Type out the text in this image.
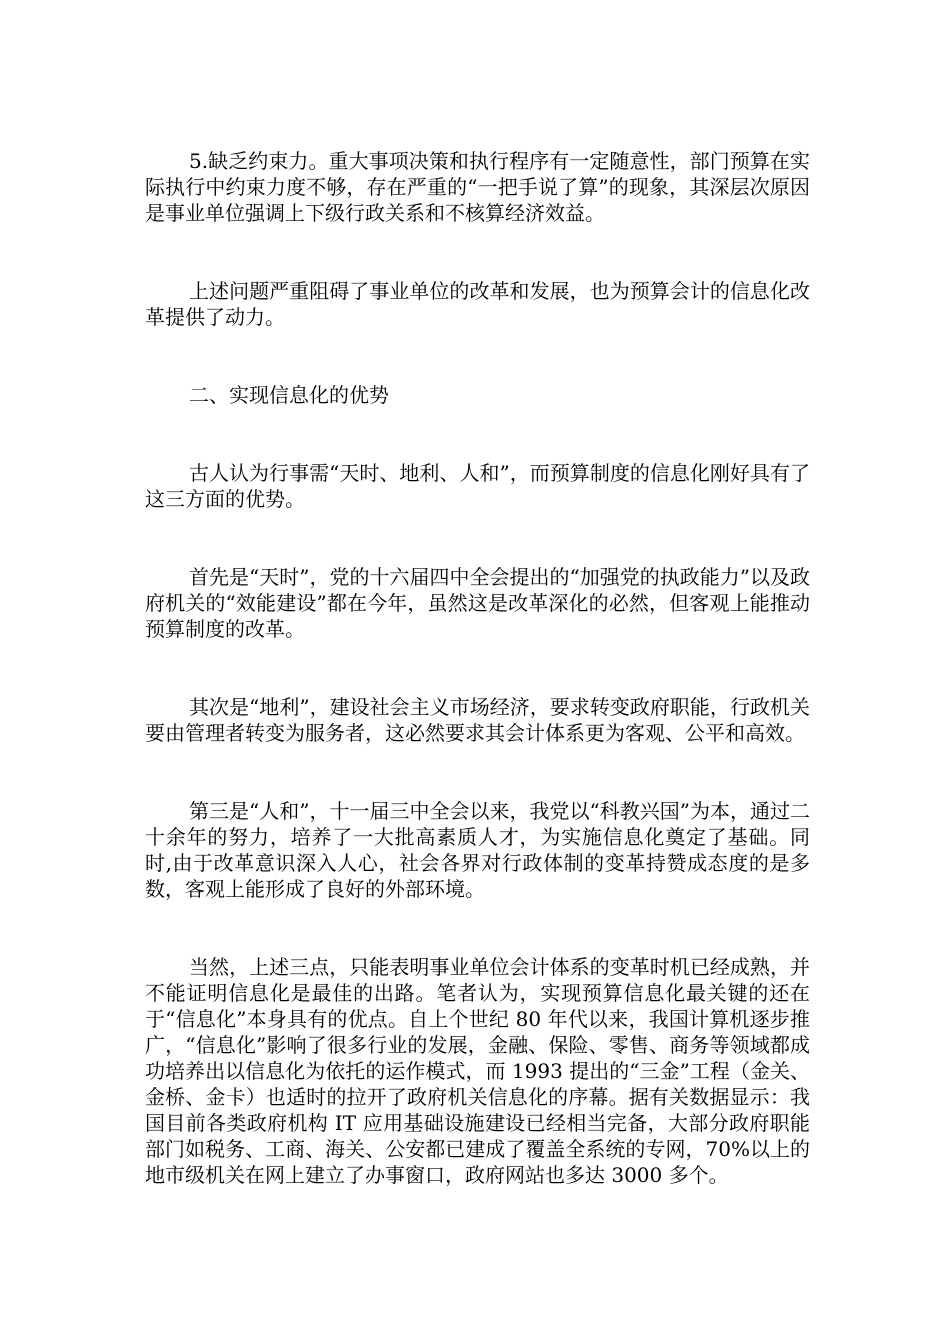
5.缺乏约束力。重大事项决策和执行程序有一定随意性，部门预算在实际执行中约束力度不够，存在严重的“一把手说了算”的现象，其深层次原因是事业单位强调上下级行政关系和不核算经济效益。

上述问题严重阻碍了事业单位的改革和发展，也为预算会计的信息化改革提供了动力。

二、实现信息化的优势

古人认为行事需“天时、地利、人和”，而预算制度的信息化刚好具有了这三方面的优势。

首先是“天时”，党的十六届四中全会提出的“加强党的执政能力”以及政府机关的“效能建设”都在今年，虽然这是改革深化的必然，但客观上能推动预算制度的改革。

其次是“地利”，建设社会主义市场经济，要求转变政府职能，行政机关要由管理者转变为服务者，这必然要求其会计体系更为客观、公平和高效。

第三是“人和”，十一届三中全会以来，我党以“科教兴国”为本，通过二十余年的努力，培养了一大批高素质人才，为实施信息化奠定了基础。同时,由于改革意识深入人心，社会各界对行政体制的变革持赞成态度的是多数，客观上能形成了良好的外部环境。

当然，上述三点，只能表明事业单位会计体系的变革时机已经成熟，并不能证明信息化是最佳的出路。笔者认为，实现预算信息化最关键的还在于“信息化”本身具有的优点。自上个世纪 80 年代以来，我国计算机逐步推广，“信息化”影响了很多行业的发展，金融、保险、零售、商务等领域都成功培养出以信息化为依托的运作模式，而 1993 提出的“三金”工程（金关、金桥、金卡）也适时的拉开了政府机关信息化的序幕。据有关数据显示：我国目前各类政府机构 IT 应用基础设施建设已经相当完备，大部分政府职能部门如税务、工商、海关、公安都已建成了覆盖全系统的专网，70%以上的地市级机关在网上建立了办事窗口，政府网站也多达 3000 多个。
